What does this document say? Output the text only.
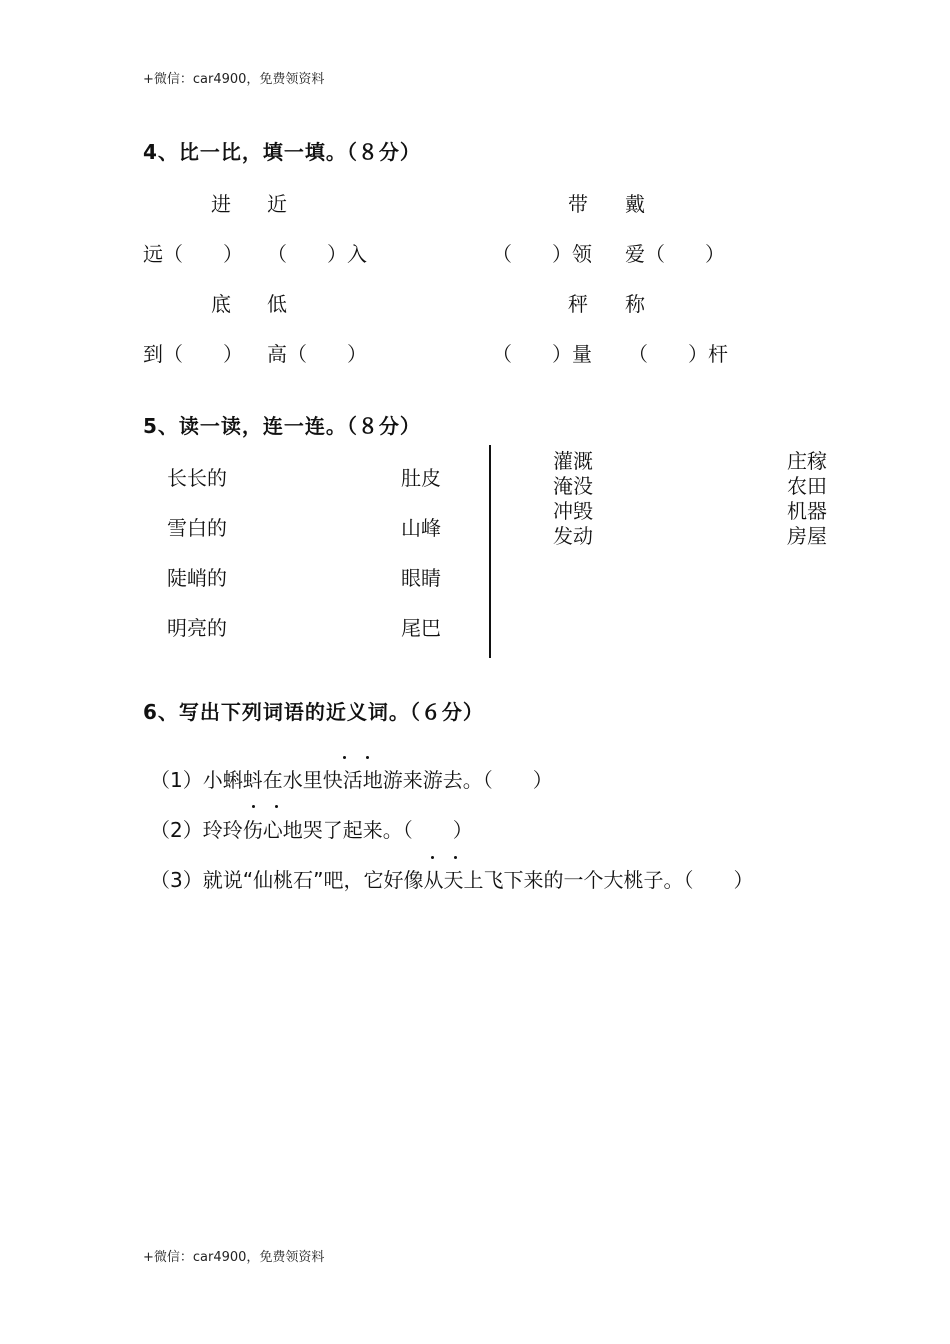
+微信：car4900，免费领资料
+微信：car4900，免费领资料
4、比一比，填一填。（８分）
进 近	带 戴
远（　　） （　　）入	（　　）领 爱（　　）
底 低	秤 称
到（　　） 高（　　）	（　　）量 （　　）杆
5、读一读，连一连。（８分）
长长的
雪白的
陡峭的
明亮的
肚皮
山峰
眼睛
尾巴
灌溉
淹没
冲毁
发动
庄稼
农田
机器
房屋
6、写出下列词语的近义词。（６分）
（1）小蝌蚪在水里快活地游来游去。（　　）
（2）玲玲伤心地哭了起来。（　　）
（3）就说“仙桃石”吧，它好像从天上飞下来的一个大桃子。（　　）
